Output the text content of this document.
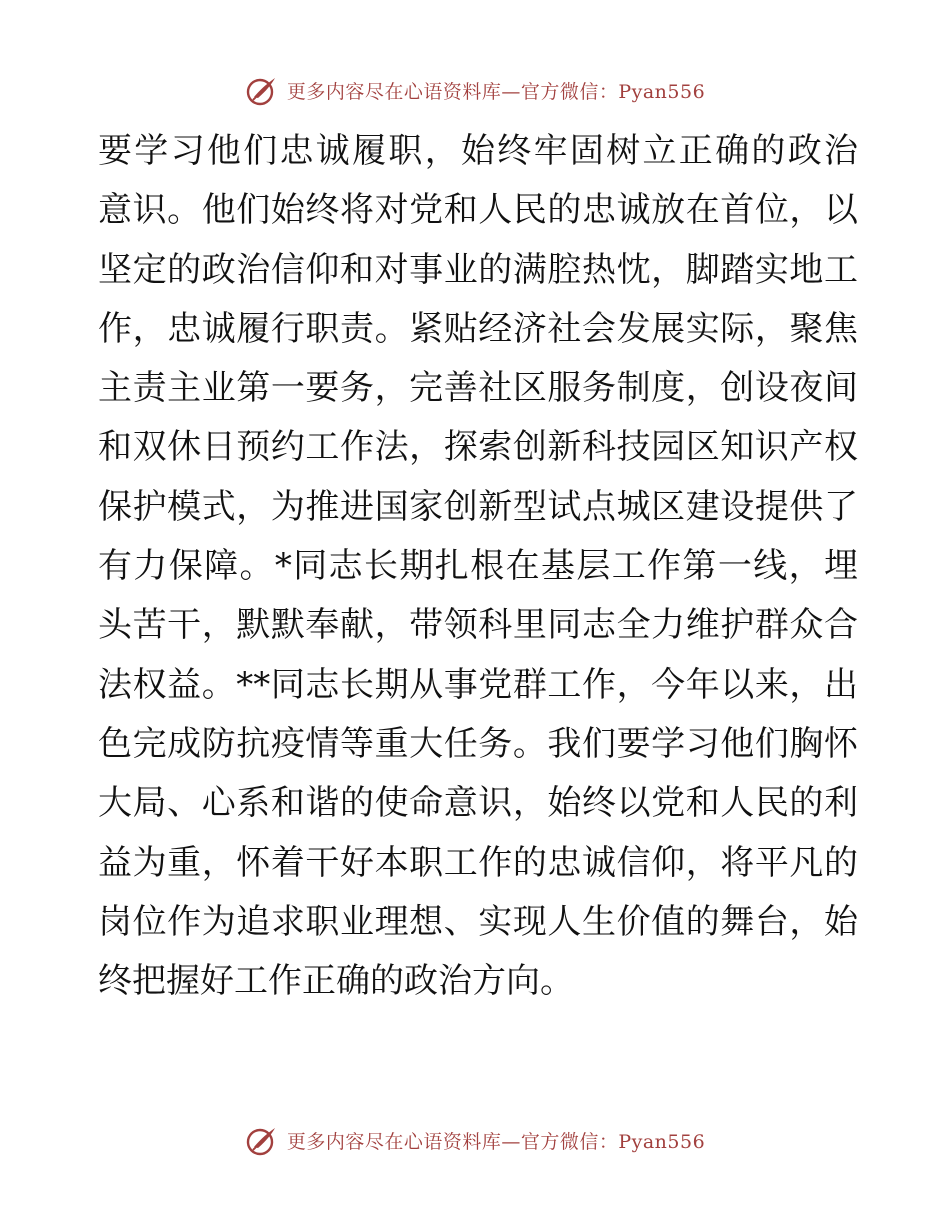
更多内容尽在心语资料库—官方微信：Pyan556
要学习他们忠诚履职，始终牢固树立正确的政治
意识。他们始终将对党和人民的忠诚放在首位，以
坚定的政治信仰和对事业的满腔热忱，脚踏实地工
作，忠诚履行职责。紧贴经济社会发展实际，聚焦
主责主业第一要务，完善社区服务制度，创设夜间
和双休日预约工作法，探索创新科技园区知识产权
保护模式，为推进国家创新型试点城区建设提供了
有力保障。*同志长期扎根在基层工作第一线，埋
头苦干，默默奉献，带领科里同志全力维护群众合
法权益。**同志长期从事党群工作，今年以来，出
色完成防抗疫情等重大任务。我们要学习他们胸怀
大局、心系和谐的使命意识，始终以党和人民的利
益为重，怀着干好本职工作的忠诚信仰，将平凡的
岗位作为追求职业理想、实现人生价值的舞台，始
终把握好工作正确的政治方向。
更多内容尽在心语资料库—官方微信：Pyan556
